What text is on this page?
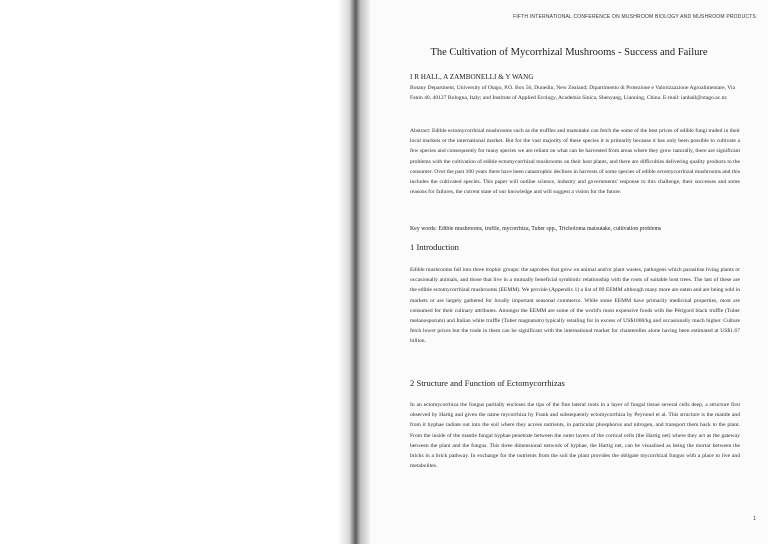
FIFTH INTERNATIONAL CONFERENCE ON MUSHROOM BIOLOGY AND MUSHROOM PRODUCTS
The Cultivation of Mycorrhizal Mushrooms - Success and Failure
I R HALL, A ZAMBONELLI & Y WANG
Botany Department, University of Otago, P.O. Box 56, Dunedin, New Zealand; Dipartimento di Protezione e Valorizzazione Agroalimentare, Via Fanin 40, 40127 Bologna, Italy; and Institute of Applied Ecology, Academia Sinica, Shenyang, Liaoning, China. E-mail: ianhall@otago.ac.nz
Abstract: Edible ectomycorrhizal mushrooms such as the truffles and matsutake can fetch the some of the best prices of edible fungi traded in their local markets or the international market. But for the vast majority of these species it is primarily because it has only been possible to cultivate a few species and consequently for many species we are reliant on what can be harvested from areas where they grow naturally, there are significant problems with the cultivation of edible ectomycorrhizal mushrooms on their host plants, and there are difficulties delivering quality products to the consumer. Over the past 100 years there have been catastrophic declines in harvests of some species of edible ectomycorrhizal mushrooms and this includes the cultivated species. This paper will outline science, industry and governments' response to this challenge, their successes and some reasons for failures, the current state of our knowledge and will suggest a vision for the future.
Key words: Edible mushrooms, truffle, mycorrhiza, Tuber spp., Tricholoma matsutake, cultivation problems
1 Introduction
Edible mushrooms fall into three trophic groups: the saprobes that grow on animal and/or plant wastes, pathogens which parasitise living plants or occasionally animals, and those that live in a mutually beneficial symbiotic relationship with the roots of suitable host trees. The last of these are the edible ectomycorrhizal mushrooms (EEMM). We provide (Appendix 1) a list of 89 EEMM although many more are eaten and are being sold in markets or are largely gathered for locally important seasonal commerce. While some EEMM have primarily medicinal properties, most are consumed for their culinary attributes. Amongst the EEMM are some of the world's most expensive foods with the Périgord black truffle (Tuber melanosporum) and Italian white truffle (Tuber magnatum) typically retailing for in excess of US$1000/kg and occasionally much higher. Culture fetch lower prices but the trade in them can be significant with the international market for chanterelles alone having been estimated at US$1.67 billion.
2 Structure and Function of Ectomycorrhizas
In an ectomycorrhiza the fungus partially encloses the tips of the fine lateral roots in a layer of fungal tissue several cells deep, a structure first observed by Hartig and given the name mycorrhiza by Frank and subsequently ectomycorrhiza by Peyronel et al. This structure is the mantle and from it hyphae radiate out into the soil where they access nutrients, in particular phosphorus and nitrogen, and transport them back to the plant. From the inside of the mantle fungal hyphae penetrate between the outer layers of the cortical cells (the Hartig net) where they act as the gateway between the plant and the fungus. This three dimensional network of hyphae, the Hartig net, can be visualised as being the mortar between the bricks in a brick pathway. In exchange for the nutrients from the soil the plant provides the obligate mycorrhizal fungus with a place to live and metabolites.
1
